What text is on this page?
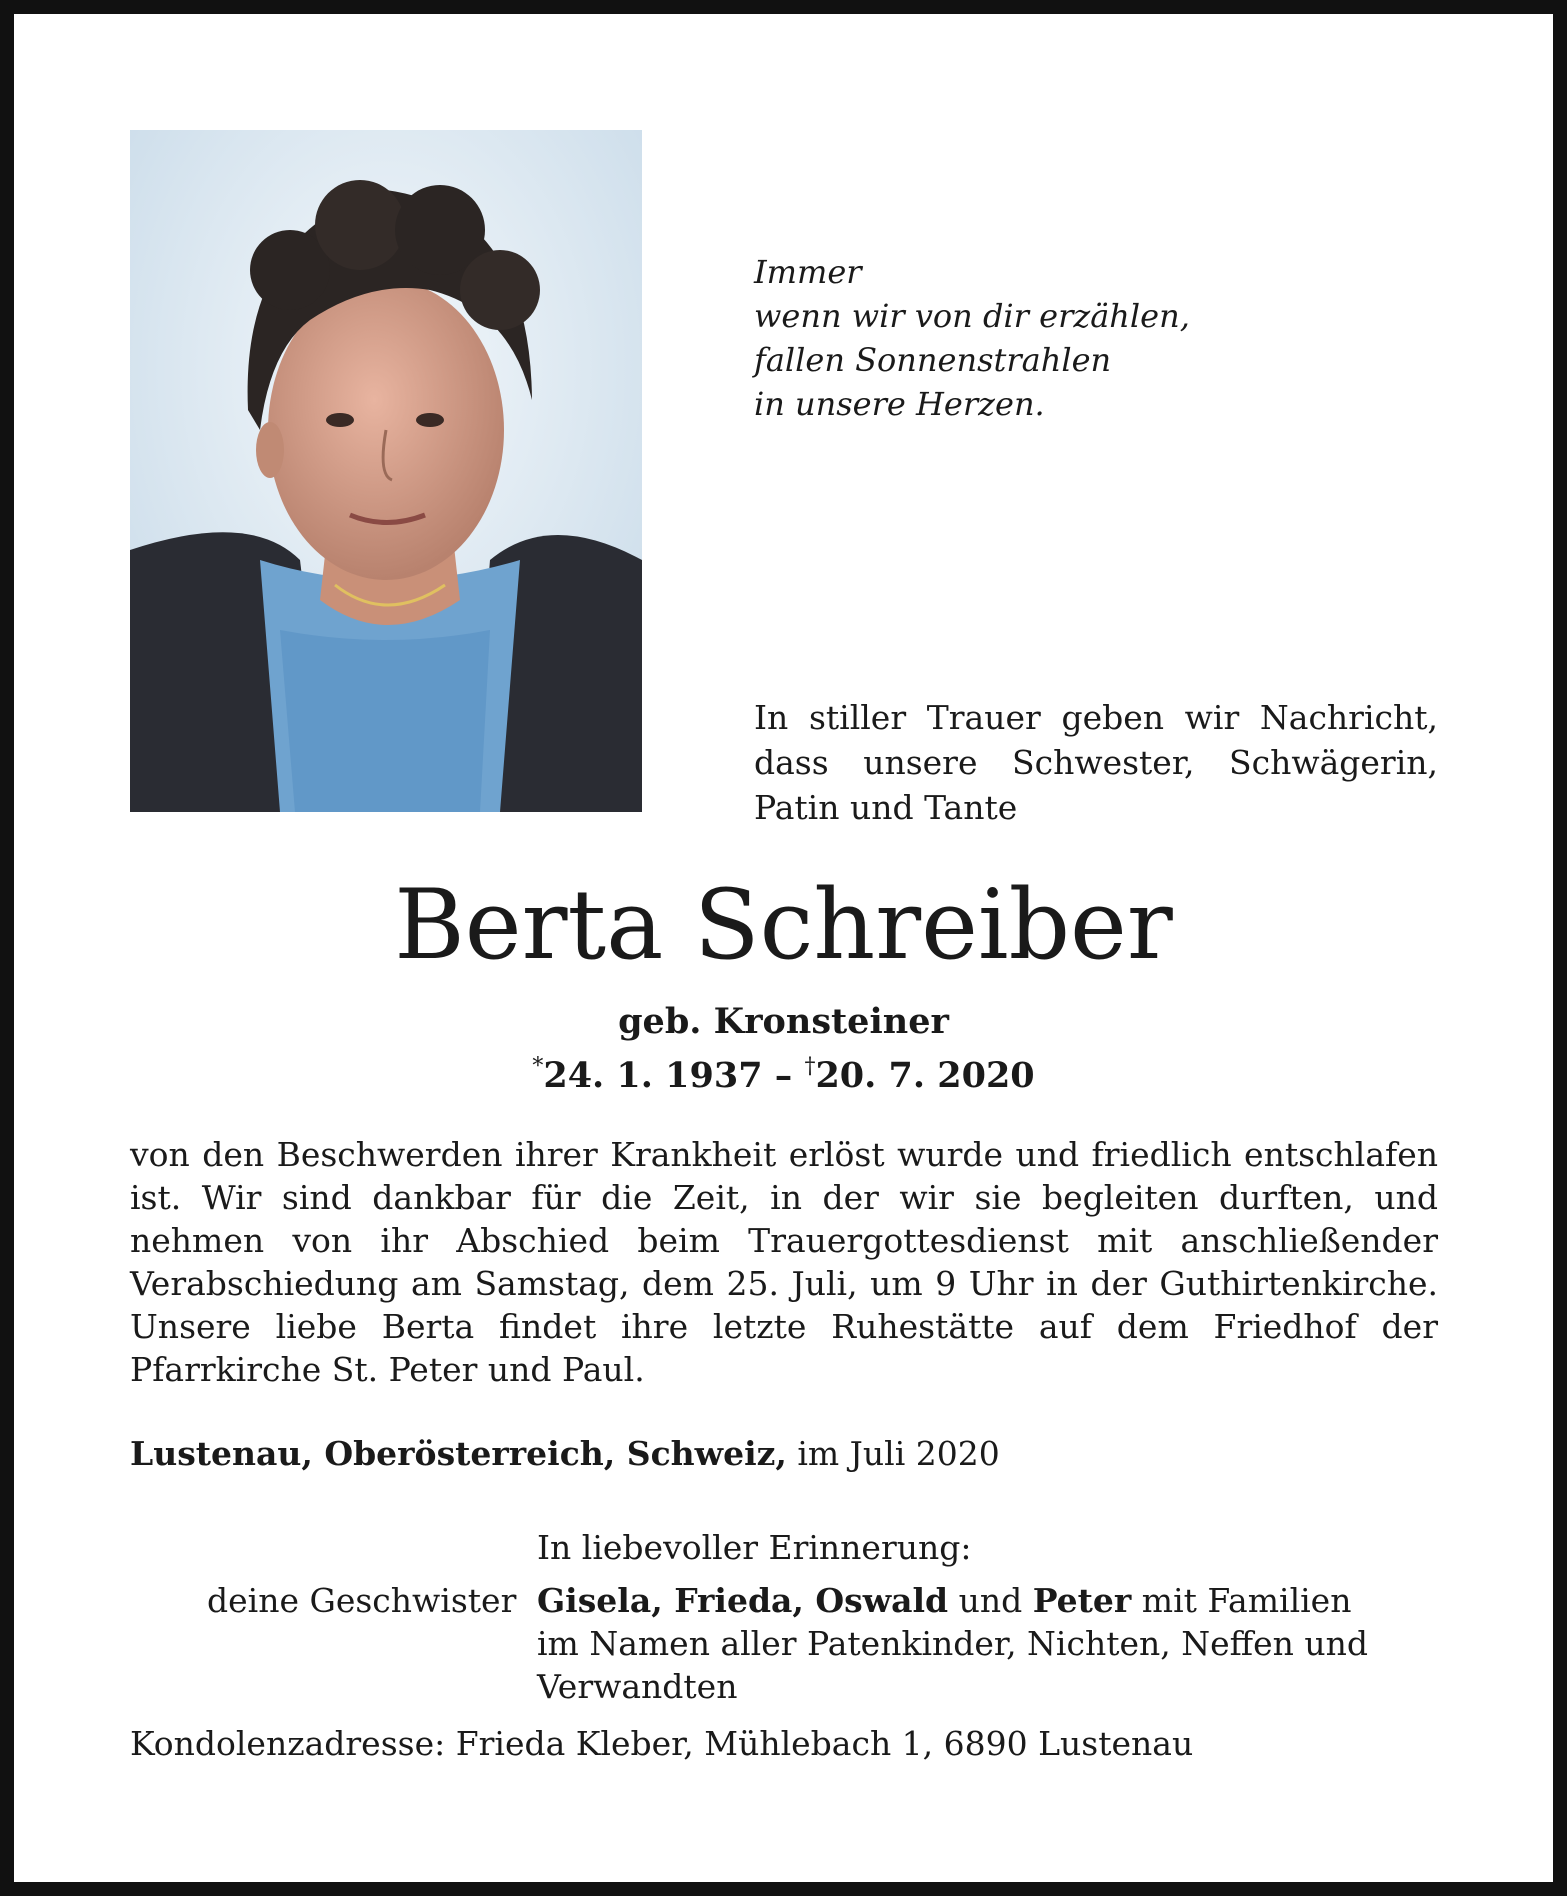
Immer
wenn wir von dir erzählen,
fallen Sonnenstrahlen
in unsere Herzen.
In stiller Trauer geben wir Nachricht,
dass unsere Schwester, Schwägerin,
Patin und Tante
Berta Schreiber
geb. Kronsteiner
*24. 1. 1937 – †20. 7. 2020
von den Beschwerden ihrer Krankheit erlöst wurde und friedlich entschlafen
ist. Wir sind dankbar für die Zeit, in der wir sie begleiten durften, und
nehmen von ihr Abschied beim Trauergottesdienst mit anschließender
Verabschiedung am Samstag, dem 25. Juli, um 9 Uhr in der Guthirtenkirche.
Unsere liebe Berta findet ihre letzte Ruhestätte auf dem Friedhof der
Pfarrkirche St. Peter und Paul.
Lustenau, Oberösterreich, Schweiz, im Juli 2020
In liebevoller Erinnerung:
deine Geschwister Gisela, Frieda, Oswald und Peter mit Familien
im Namen aller Patenkinder, Nichten, Neffen und
Verwandten
Kondolenzadresse: Frieda Kleber, Mühlebach 1, 6890 Lustenau
